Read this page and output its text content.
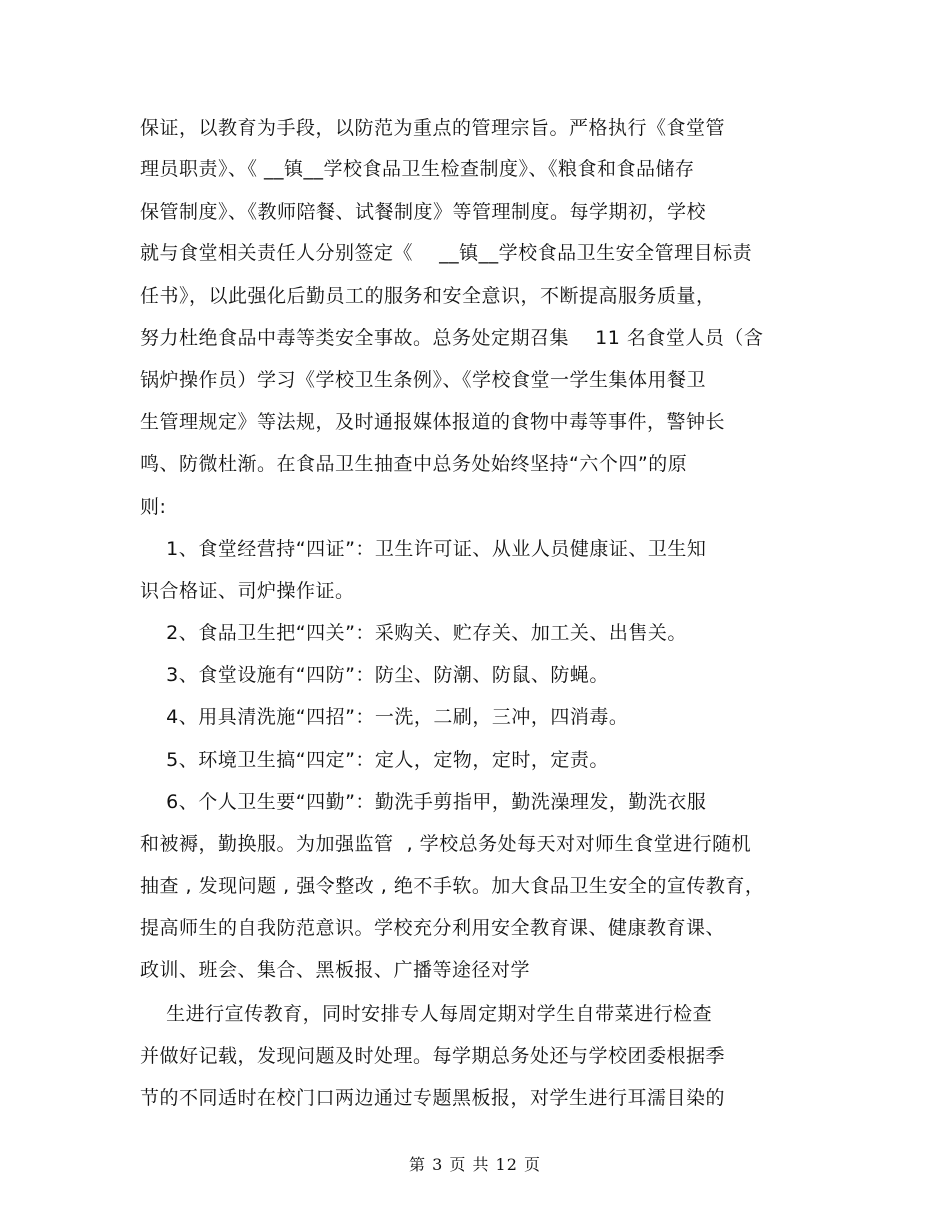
保证，以教育为手段，以防范为重点的管理宗旨。严格执行《食堂管
理员职责》、《 __镇__学校食品卫生检查制度》、《粮食和食品储存
保管制度》、《教师陪餐、试餐制度》等管理制度。每学期初，学校
就与食堂相关责任人分别签定《    __镇__学校食品卫生安全管理目标责
任书》，以此强化后勤员工的服务和安全意识，不断提高服务质量，
努力杜绝食品中毒等类安全事故。总务处定期召集    11 名食堂人员（含
锅炉操作员）学习《学校卫生条例》、《学校食堂一学生集体用餐卫
生管理规定》等法规，及时通报媒体报道的食物中毒等事件，警钟长
鸣、防微杜渐。在食品卫生抽查中总务处始终坚持“六个四”的原
则:
1、食堂经营持“四证”：卫生许可证、从业人员健康证、卫生知
识合格证、司炉操作证。
2、食品卫生把“四关”：采购关、贮存关、加工关、出售关。
3、食堂设施有“四防”：防尘、防潮、防鼠、防蝇。
4、用具清洗施“四招”：一洗，二刷，三冲，四消毒。
5、环境卫生搞“四定”：定人，定物，定时，定责。
6、个人卫生要“四勤”：勤洗手剪指甲，勤洗澡理发，勤洗衣服
和被褥，勤换服。为加强监管  , 学校总务处每天对对师生食堂进行随机
抽查 , 发现问题 , 强令整改 , 绝不手软。加大食品卫生安全的宣传教育，
提高师生的自我防范意识。学校充分利用安全教育课、健康教育课、
政训、班会、集合、黑板报、广播等途径对学
生进行宣传教育，同时安排专人每周定期对学生自带菜进行检查
并做好记载，发现问题及时处理。每学期总务处还与学校团委根据季
节的不同适时在校门口两边通过专题黑板报，对学生进行耳濡目染的
第 3 页 共 12 页
